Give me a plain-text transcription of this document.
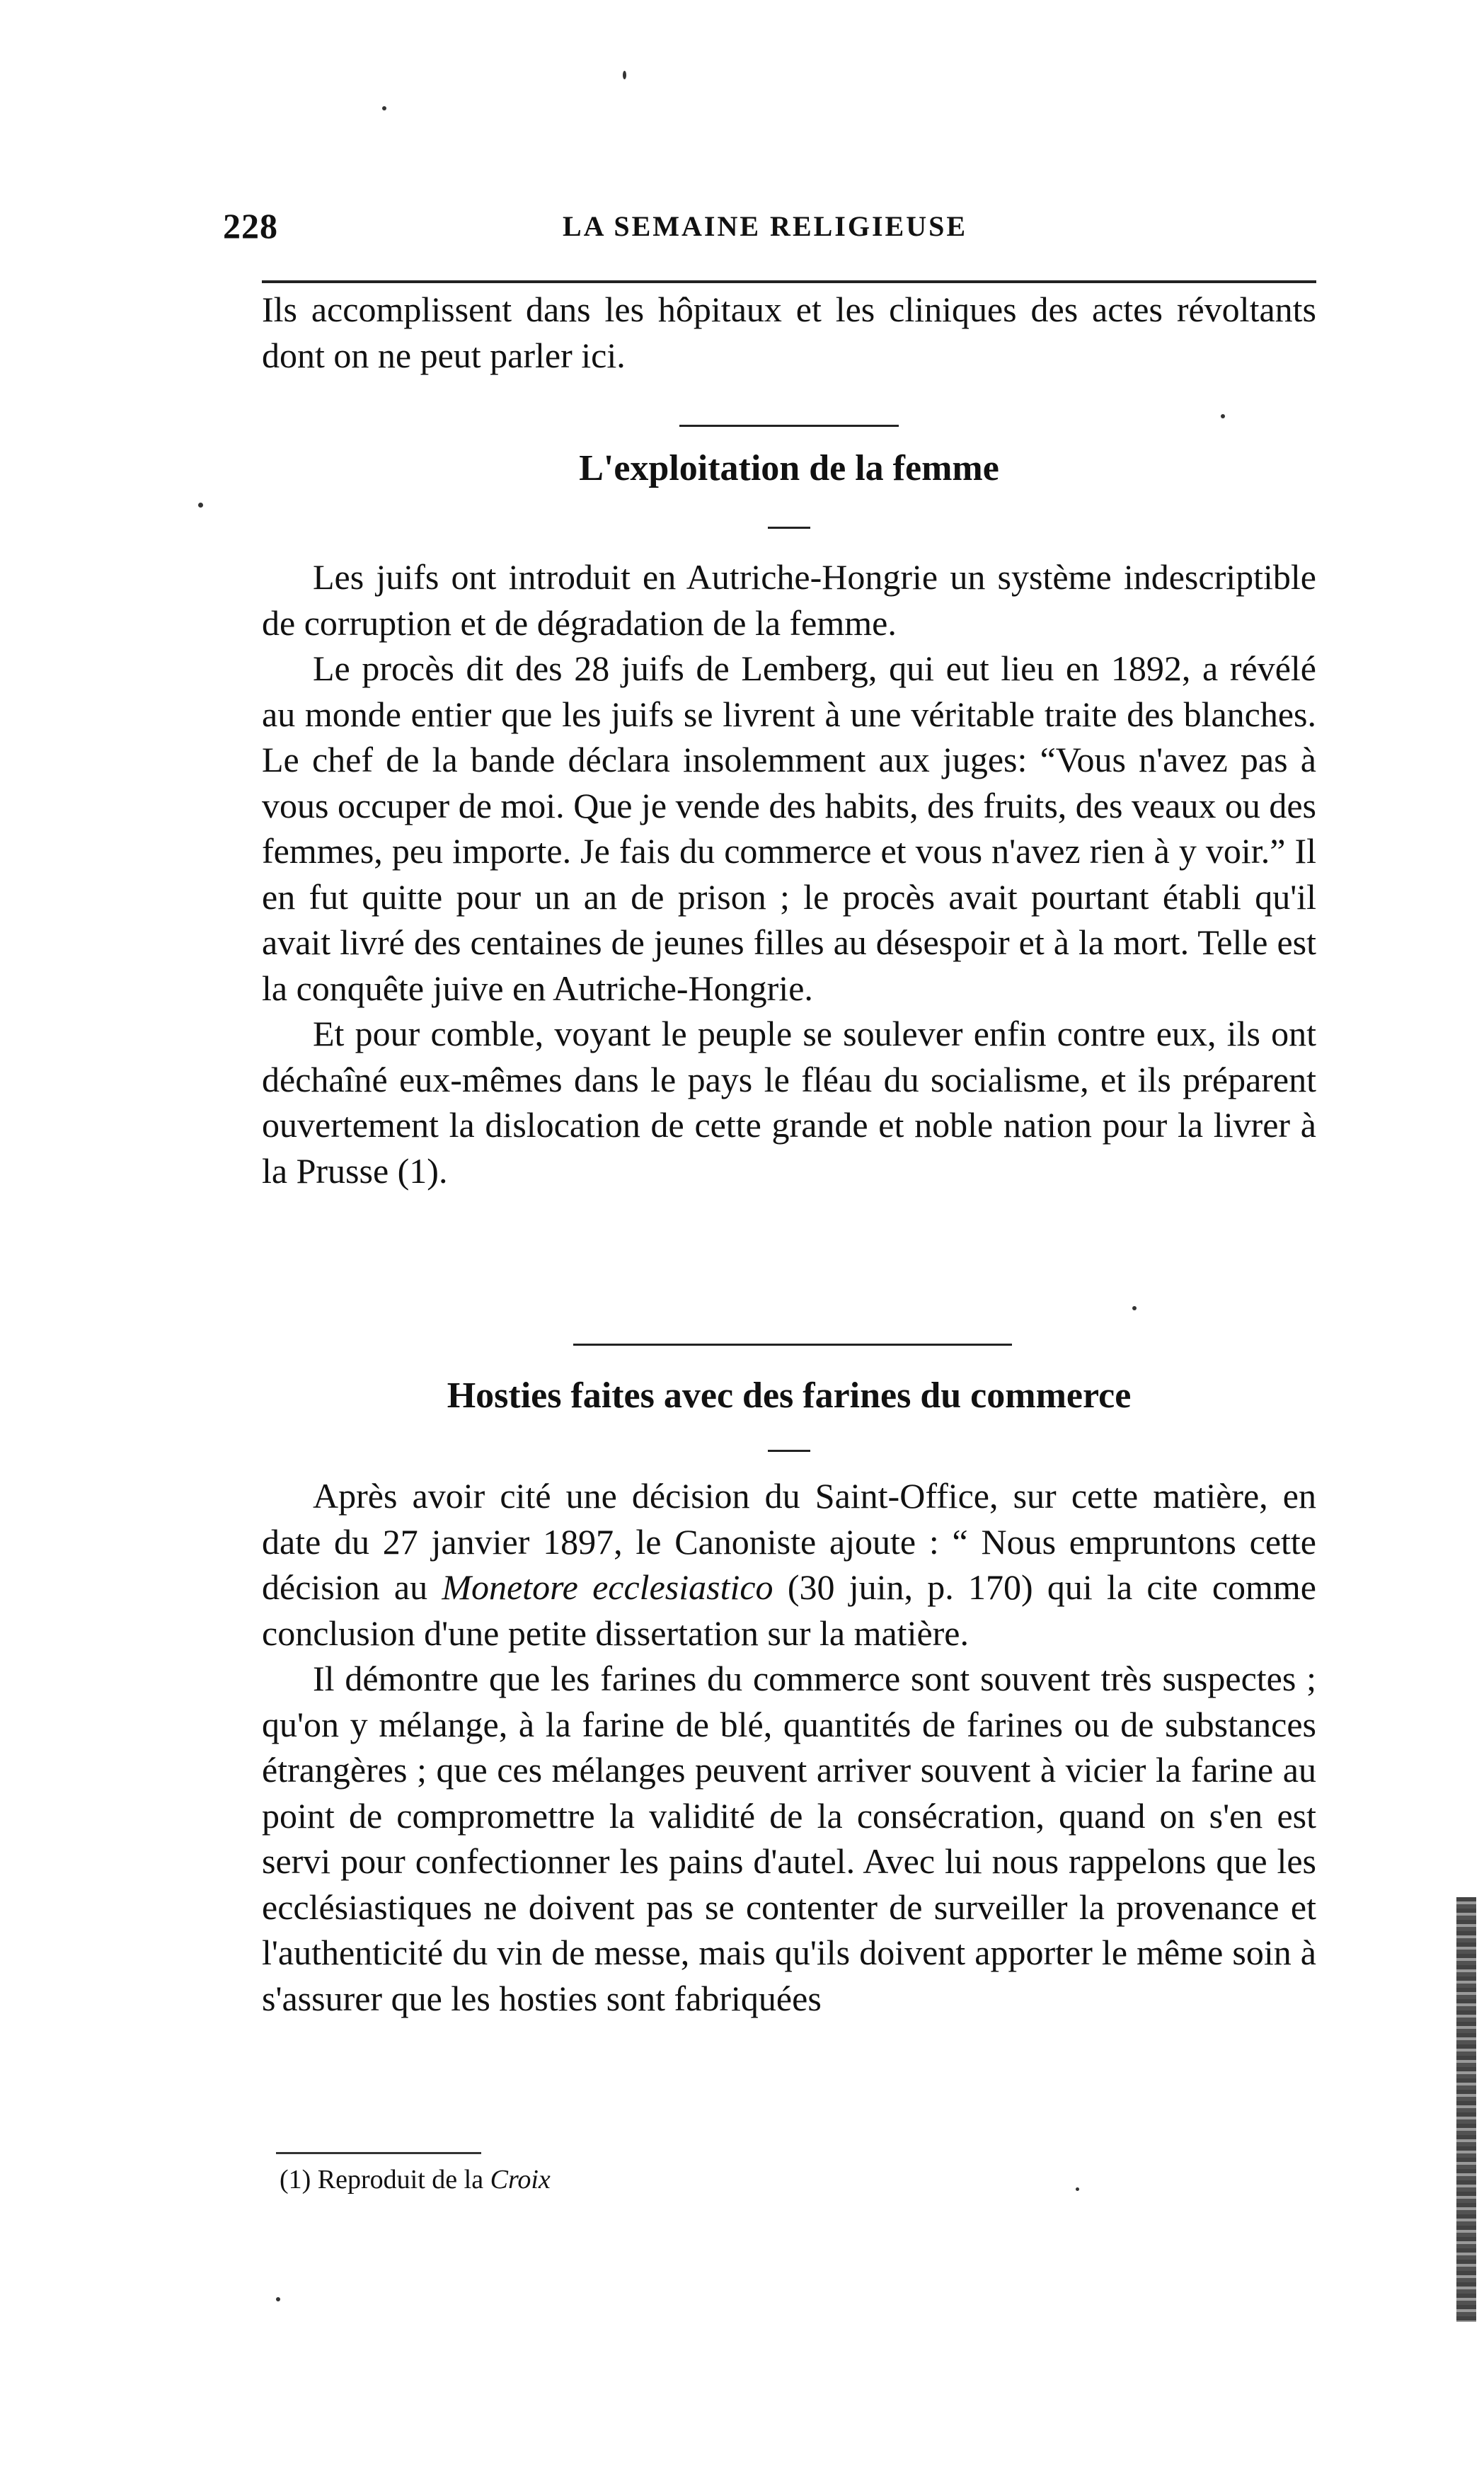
228	LA SEMAINE RELIGIEUSE

Ils accomplissent dans les hôpitaux et les cliniques des actes révoltants dont on ne peut parler ici.

L'exploitation de la femme

Les juifs ont introduit en Autriche-Hongrie un système indescriptible de corruption et de dégradation de la femme.

Le procès dit des 28 juifs de Lemberg, qui eut lieu en 1892, a révélé au monde entier que les juifs se livrent à une véritable traite des blanches. Le chef de la bande déclara insolemment aux juges: “Vous n'avez pas à vous occuper de moi. Que je vende des habits, des fruits, des veaux ou des femmes, peu importe. Je fais du commerce et vous n'avez rien à y voir.” Il en fut quitte pour un an de prison ; le procès avait pourtant établi qu'il avait livré des centaines de jeunes filles au désespoir et à la mort. Telle est la conquête juive en Autriche-Hongrie.

Et pour comble, voyant le peuple se soulever enfin contre eux, ils ont déchaîné eux-mêmes dans le pays le fléau du socialisme, et ils préparent ouvertement la dislocation de cette grande et noble nation pour la livrer à la Prusse (1).

Hosties faites avec des farines du commerce

Après avoir cité une décision du Saint-Office, sur cette matière, en date du 27 janvier 1897, le Canoniste ajoute : “ Nous empruntons cette décision au Monetore ecclesiastico (30 juin, p. 170) qui la cite comme conclusion d'une petite dissertation sur la matière.

Il démontre que les farines du commerce sont souvent très suspectes ; qu'on y mélange, à la farine de blé, quantités de farines ou de substances étrangères ; que ces mélanges peuvent arriver souvent à vicier la farine au point de compromettre la validité de la consécration, quand on s'en est servi pour confectionner les pains d'autel. Avec lui nous rappelons que les ecclésiastiques ne doivent pas se contenter de surveiller la provenance et l'authenticité du vin de messe, mais qu'ils doivent apporter le même soin à s'assurer que les hosties sont fabriquées

(1) Reproduit de la Croix
